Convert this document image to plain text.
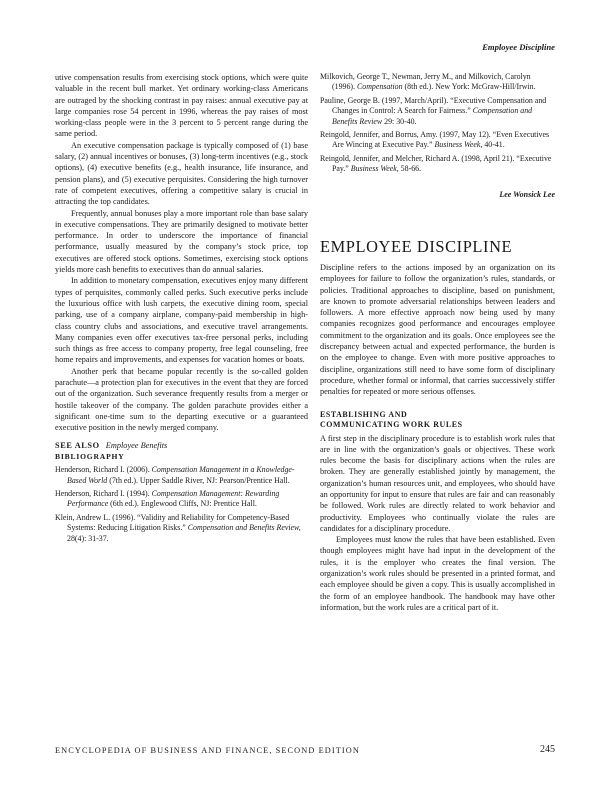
Employee Discipline

utive compensation results from exercising stock options, which were quite valuable in the recent bull market. Yet ordinary working-class Americans are outraged by the shocking contrast in pay raises: annual executive pay at large companies rose 54 percent in 1996, whereas the pay raises of most working-class people were in the 3 percent to 5 percent range during the same period.

An executive compensation package is typically composed of (1) base salary, (2) annual incentives or bonuses, (3) long-term incentives (e.g., stock options), (4) executive benefits (e.g., health insurance, life insurance, and pension plans), and (5) executive perquisites. Considering the high turnover rate of competent executives, offering a competitive salary is crucial in attracting the top candidates.

Frequently, annual bonuses play a more important role than base salary in executive compensations. They are primarily designed to motivate better performance. In order to underscore the importance of financial performance, usually measured by the company’s stock price, top executives are offered stock options. Sometimes, exercising stock options yields more cash benefits to executives than do annual salaries.

In addition to monetary compensation, executives enjoy many different types of perquisites, commonly called perks. Such executive perks include the luxurious office with lush carpets, the executive dining room, special parking, use of a company airplane, company-paid membership in high-class country clubs and associations, and executive travel arrangements. Many companies even offer executives tax-free personal perks, including such things as free access to company property, free legal counseling, free home repairs and improvements, and expenses for vacation homes or boats.

Another perk that became popular recently is the so-called golden parachute—a protection plan for executives in the event that they are forced out of the organization. Such severance frequently results from a merger or hostile takeover of the company. The golden parachute provides either a significant one-time sum to the departing executive or a guaranteed executive position in the newly merged company.

SEE ALSO Employee Benefits

BIBLIOGRAPHY

Henderson, Richard I. (2006). Compensation Management in a Knowledge-Based World (7th ed.). Upper Saddle River, NJ: Pearson/Prentice Hall.

Henderson, Richard I. (1994). Compensation Management: Rewarding Performance (6th ed.). Englewood Cliffs, NJ: Prentice Hall.

Klein, Andrew L. (1996). “Validity and Reliability for Competency-Based Systems: Reducing Litigation Risks.” Compensation and Benefits Review, 28(4): 31-37.

Milkovich, George T., Newman, Jerry M., and Milkovich, Carolyn (1996). Compensation (8th ed.). New York: McGraw-Hill/Irwin.

Pauline, George B. (1997, March/April). “Executive Compensation and Changes in Control: A Search for Fairness.” Compensation and Benefits Review 29: 30-40.

Reingold, Jennifer, and Borrus, Amy. (1997, May 12). “Even Executives Are Wincing at Executive Pay.” Business Week, 40-41.

Reingold, Jennifer, and Melcher, Richard A. (1998, April 21). “Executive Pay.” Business Week, 58-66.

Lee Wonsick Lee

EMPLOYEE DISCIPLINE

Discipline refers to the actions imposed by an organization on its employees for failure to follow the organization’s rules, standards, or policies. Traditional approaches to discipline, based on punishment, are known to promote adversarial relationships between leaders and followers. A more effective approach now being used by many companies recognizes good performance and encourages employee commitment to the organization and its goals. Once employees see the discrepancy between actual and expected performance, the burden is on the employee to change. Even with more positive approaches to discipline, organizations still need to have some form of disciplinary procedure, whether formal or informal, that carries successively stiffer penalties for repeated or more serious offenses.

ESTABLISHING AND
COMMUNICATING WORK RULES

A first step in the disciplinary procedure is to establish work rules that are in line with the organization’s goals or objectives. These work rules become the basis for disciplinary actions when the rules are broken. They are generally established jointly by management, the organization’s human resources unit, and employees, who should have an opportunity for input to ensure that rules are fair and can reasonably be followed. Work rules are directly related to work behavior and productivity. Employees who continually violate the rules are candidates for a disciplinary procedure.

Employees must know the rules that have been established. Even though employees might have had input in the development of the rules, it is the employer who creates the final version. The organization’s work rules should be presented in a printed format, and each employee should be given a copy. This is usually accomplished in the form of an employee handbook. The handbook may have other information, but the work rules are a critical part of it.

ENCYCLOPEDIA OF BUSINESS AND FINANCE, SECOND EDITION	245
